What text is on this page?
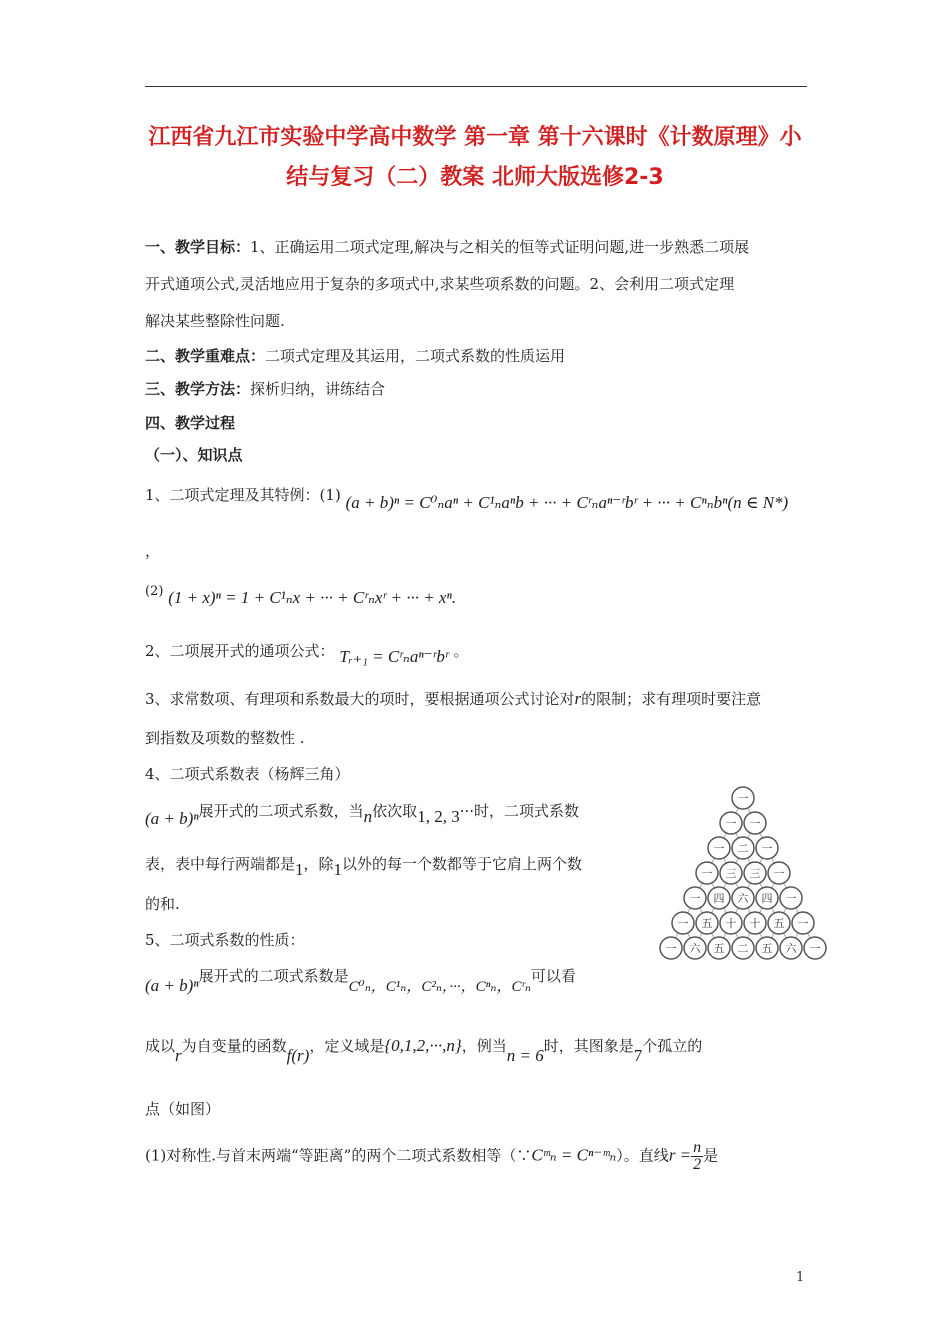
江西省九江市实验中学高中数学 第一章 第十六课时《计数原理》小
结与复习（二）教案 北师大版选修2-3
一、教学目标：1、正确运用二项式定理,解决与之相关的恒等式证明问题,进一步熟悉二项展
开式通项公式,灵活地应用于复杂的多项式中,求某些项系数的问题。2、会利用二项式定理
解决某些整除性问题.
二、教学重难点：二项式定理及其运用，二项式系数的性质运用
三、教学方法：探析归纳，讲练结合
四、教学过程
（一）、知识点
1、二项式定理及其特例：(1) (a + b)ⁿ = C⁰ₙaⁿ + C¹ₙaⁿb + ··· + Cʳₙaⁿ⁻ʳbʳ + ··· + Cⁿₙbⁿ(n ∈ N*)
，
(2) (1 + x)ⁿ = 1 + C¹ₙx + ··· + Cʳₙxʳ + ··· + xⁿ.
2、二项展开式的通项公式： Tᵣ₊₁ = Cʳₙaⁿ⁻ʳbʳ 。
3、求常数项、有理项和系数最大的项时，要根据通项公式讨论对r的限制；求有理项时要注意
到指数及项数的整数性 .
4、二项式系数表（杨辉三角）
(a + b)ⁿ展开式的二项式系数，当n依次取1, 2, 3···时，二项式系数
表，表中每行两端都是1，除1以外的每一个数都等于它肩上两个数
的和.
一
一 一
一 二 一
一 三 三 一
一 四 六 四 一
一 五 十 十 五 一
一 六 五 二 五 六 一
5、二项式系数的性质：
(a + b)ⁿ展开式的二项式系数是C⁰ₙ，C¹ₙ，C²ₙ，···，Cⁿₙ，Cʳₙ可以看
成以r为自变量的函数f(r)，定义域是{0,1,2,···,n}，例当n = 6时，其图象是7个孤立的
点（如图）
(1)对称性.与首末两端“等距离”的两个二项式系数相等（∵Cᵐₙ = Cⁿ⁻ᵐₙ）。直线$r = \frac{n}{2}$ 是
1
